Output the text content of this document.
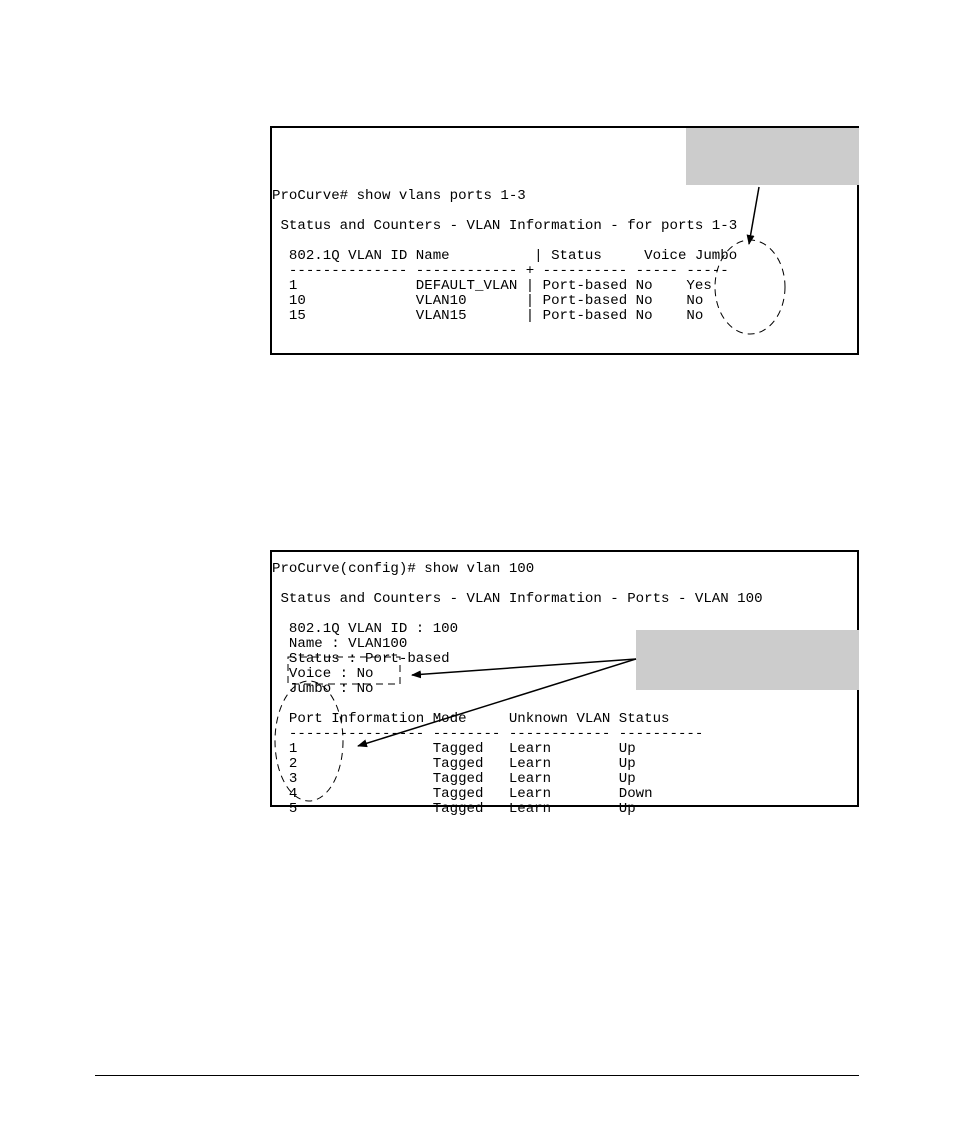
ProCurve# show vlans ports 1-3

Status and Counters - VLAN Information - for ports 1-3

802.1Q VLAN ID Name          | Status     Voice Jumbo
-------------- ------------ + ---------- ----- -----
1              DEFAULT_VLAN | Port-based No    Yes
10             VLAN10       | Port-based No    No
15             VLAN15       | Port-based No    No
ProCurve(config)# show vlan 100

Status and Counters - VLAN Information - Ports - VLAN 100

802.1Q VLAN ID : 100
Name : VLAN100
Status : Port-based
Voice : No
Jumbo : No

Port Information Mode     Unknown VLAN Status
---------------- -------- ------------ ----------
1                Tagged   Learn        Up
2                Tagged   Learn        Up
3                Tagged   Learn        Up
4                Tagged   Learn        Down
5                Tagged   Learn        Up
